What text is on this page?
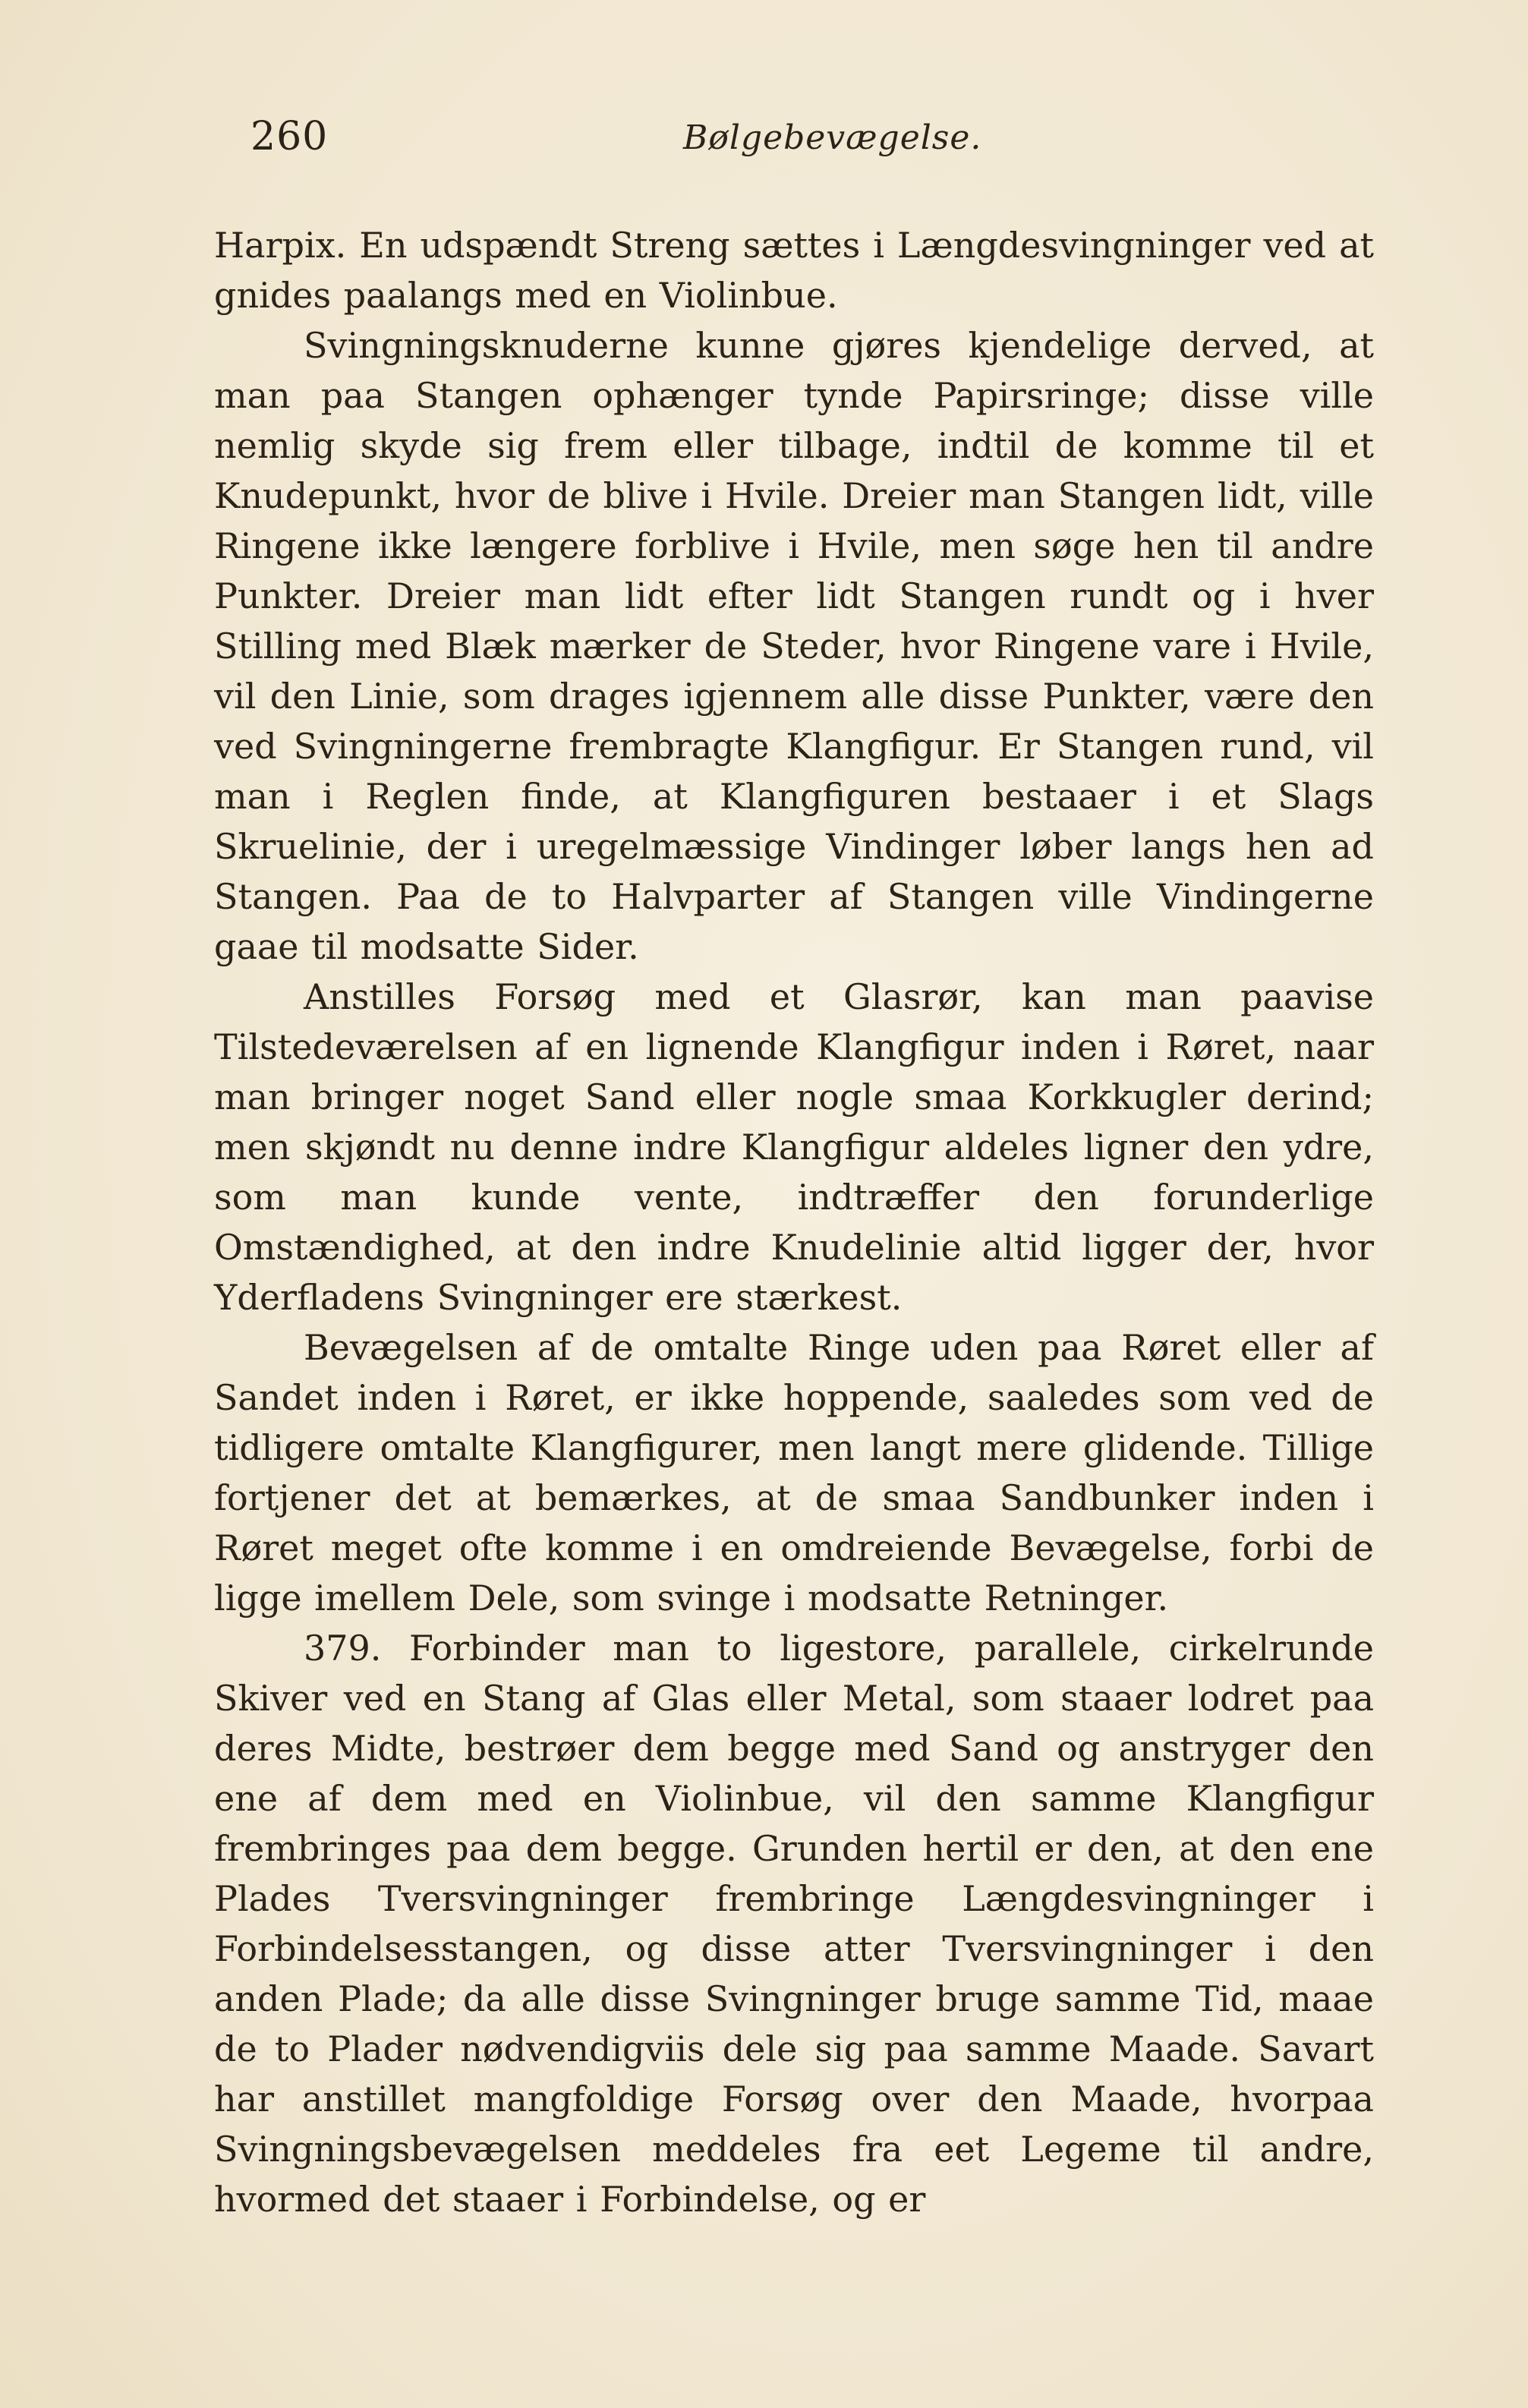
260	Bølgebevægelse.

Harpix. En udspændt Streng sættes i Længdesvingninger ved at gnides paalangs med en Violinbue.

Svingningsknuderne kunne gjøres kjendelige derved, at man paa Stangen ophænger tynde Papirsringe; disse ville nemlig skyde sig frem eller tilbage, indtil de komme til et Knudepunkt, hvor de blive i Hvile. Dreier man Stangen lidt, ville Ringene ikke længere forblive i Hvile, men søge hen til andre Punkter. Dreier man lidt efter lidt Stangen rundt og i hver Stilling med Blæk mærker de Steder, hvor Ringene vare i Hvile, vil den Linie, som drages igjennem alle disse Punkter, være den ved Svingningerne frembragte Klangfigur. Er Stangen rund, vil man i Reglen finde, at Klangfiguren bestaaer i et Slags Skruelinie, der i uregelmæssige Vindinger løber langs hen ad Stangen. Paa de to Halvparter af Stangen ville Vindingerne gaae til modsatte Sider.

Anstilles Forsøg med et Glasrør, kan man paavise Tilstedeværelsen af en lignende Klangfigur inden i Røret, naar man bringer noget Sand eller nogle smaa Korkkugler derind; men skjøndt nu denne indre Klangfigur aldeles ligner den ydre, som man kunde vente, indtræffer den forunderlige Omstændighed, at den indre Knudelinie altid ligger der, hvor Yderfladens Svingninger ere stærkest.

Bevægelsen af de omtalte Ringe uden paa Røret eller af Sandet inden i Røret, er ikke hoppende, saaledes som ved de tidligere omtalte Klangfigurer, men langt mere glidende. Tillige fortjener det at bemærkes, at de smaa Sandbunker inden i Røret meget ofte komme i en omdreiende Bevægelse, forbi de ligge imellem Dele, som svinge i modsatte Retninger.

379. Forbinder man to ligestore, parallele, cirkelrunde Skiver ved en Stang af Glas eller Metal, som staaer lodret paa deres Midte, bestrøer dem begge med Sand og anstryger den ene af dem med en Violinbue, vil den samme Klangfigur frembringes paa dem begge. Grunden hertil er den, at den ene Plades Tversvingninger frembringe Længdesvingninger i Forbindelsesstangen, og disse atter Tversvingninger i den anden Plade; da alle disse Svingninger bruge samme Tid, maae de to Plader nødvendigviis dele sig paa samme Maade. Savart har anstillet mangfoldige Forsøg over den Maade, hvorpaa Svingningsbevægelsen meddeles fra eet Legeme til andre, hvormed det staaer i Forbindelse, og er
